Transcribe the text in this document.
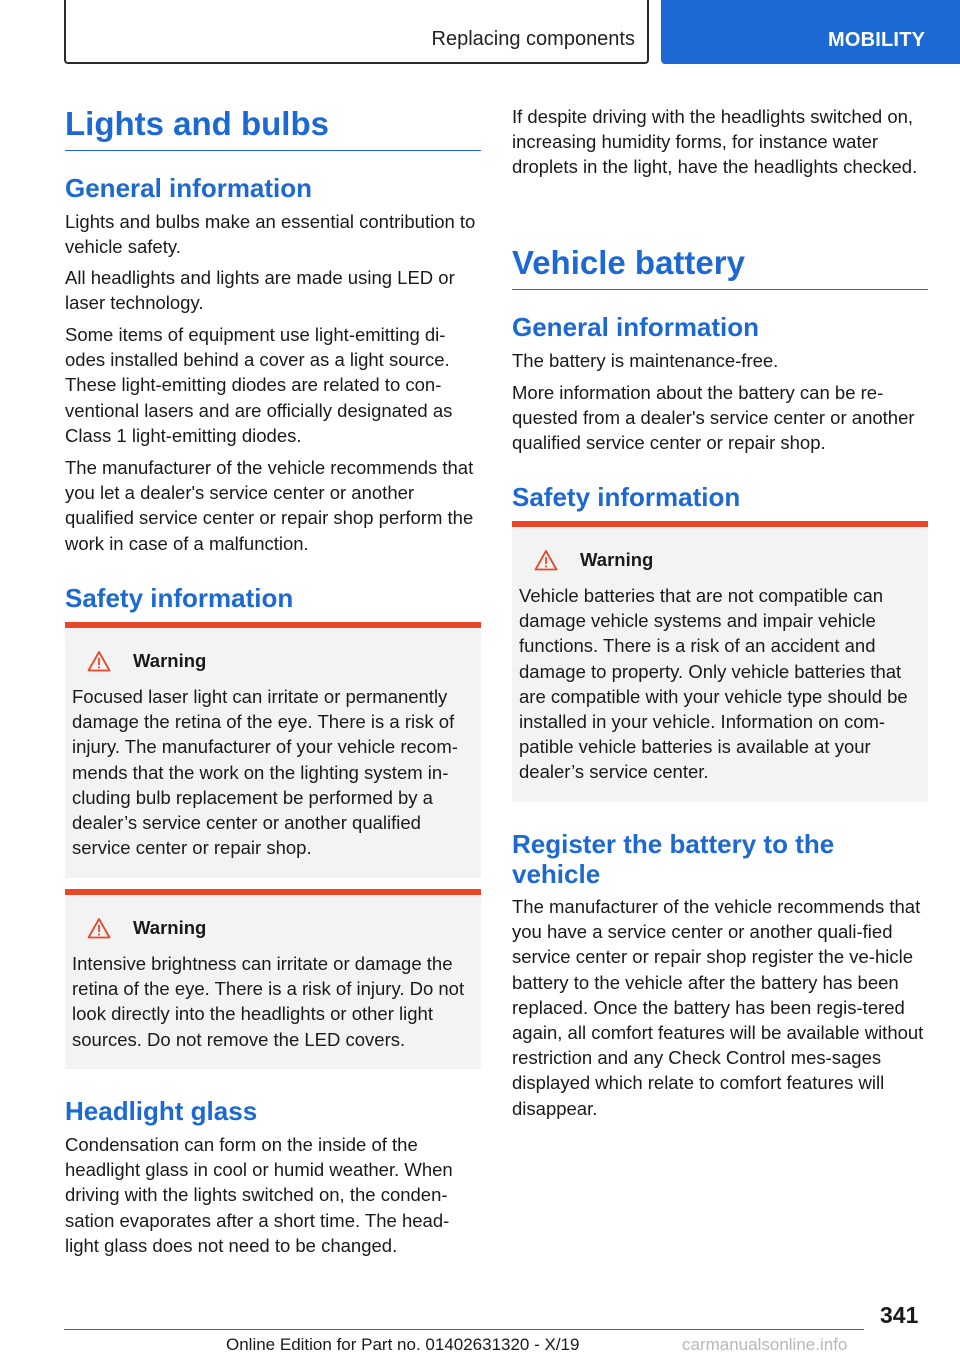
Replacing components	MOBILITY
Lights and bulbs
General information

Lights and bulbs make an essential contribution to vehicle safety.

All headlights and lights are made using LED or laser technology.

Some items of equipment use light-emitting di-odes installed behind a cover as a light source. These light-emitting diodes are related to con-ventional lasers and are officially designated as Class 1 light-emitting diodes.

The manufacturer of the vehicle recommends that you let a dealer's service center or another qualified service center or repair shop perform the work in case of a malfunction.

Safety information
Warning
Focused laser light can irritate or permanently damage the retina of the eye. There is a risk of injury. The manufacturer of your vehicle recom-mends that the work on the lighting system in-cluding bulb replacement be performed by a dealer’s service center or another qualified service center or repair shop.
Warning
Intensive brightness can irritate or damage the retina of the eye. There is a risk of injury. Do not look directly into the headlights or other light sources. Do not remove the LED covers.
Headlight glass

Condensation can form on the inside of the headlight glass in cool or humid weather. When driving with the lights switched on, the conden-sation evaporates after a short time. The head-light glass does not need to be changed.

If despite driving with the headlights switched on, increasing humidity forms, for instance water droplets in the light, have the headlights checked.

Vehicle battery
General information

The battery is maintenance-free.

More information about the battery can be re-quested from a dealer's service center or another qualified service center or repair shop.

Safety information
Warning
Vehicle batteries that are not compatible can damage vehicle systems and impair vehicle functions. There is a risk of an accident and damage to property. Only vehicle batteries that are compatible with your vehicle type should be installed in your vehicle. Information on com-patible vehicle batteries is available at your dealer’s service center.
Register the battery to the vehicle

The manufacturer of the vehicle recommends that you have a service center or another quali-fied service center or repair shop register the ve-hicle battery to the vehicle after the battery has been replaced. Once the battery has been regis-tered again, all comfort features will be available without restriction and any Check Control mes-sages displayed which relate to comfort features will disappear.

341
Online Edition for Part no. 01402631320 - X/19	carmanualsonline.info
